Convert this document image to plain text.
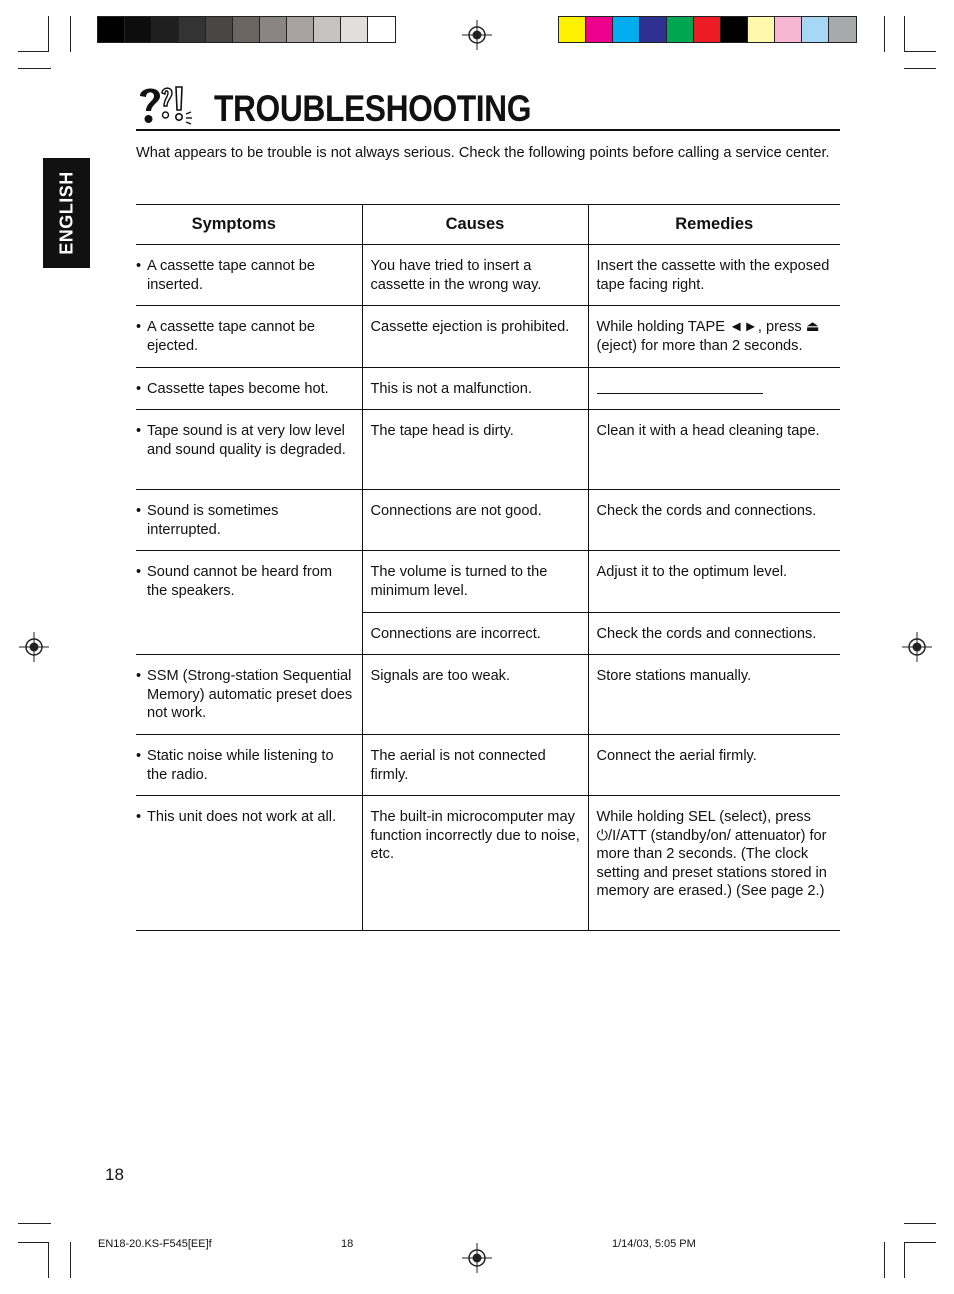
ENGLISH
TROUBLESHOOTING

What appears to be trouble is not always serious. Check the following points before calling a service center.

Symptoms	Causes	Remedies

• A cassette tape cannot be inserted.	You have tried to insert a cassette in the wrong way.	Insert the cassette with the exposed tape facing right.

• A cassette tape cannot be ejected.	Cassette ejection is prohibited.	While holding TAPE ◄►, press ⏏ (eject) for more than 2 seconds.

• Cassette tapes become hot.	This is not a malfunction.	

• Tape sound is at very low level and sound quality is degraded.	The tape head is dirty.	Clean it with a head cleaning tape.

• Sound is sometimes interrupted.	Connections are not good.	Check the cords and connections.

• Sound cannot be heard from the speakers.	The volume is turned to the minimum level.	Adjust it to the optimum level.
	Connections are incorrect.	Check the cords and connections.

• SSM (Strong-station Sequential Memory) automatic preset does not work.	Signals are too weak.	Store stations manually.

• Static noise while listening to the radio.	The aerial is not connected firmly.	Connect the aerial firmly.

• This unit does not work at all.	The built-in microcomputer may function incorrectly due to noise, etc.	While holding SEL (select), press ⏻/I/ATT (standby/on/ attenuator) for more than 2 seconds. (The clock setting and preset stations stored in memory are erased.) (See page 2.)
18
EN18-20.KS-F545[EE]f	18	1/14/03, 5:05 PM
